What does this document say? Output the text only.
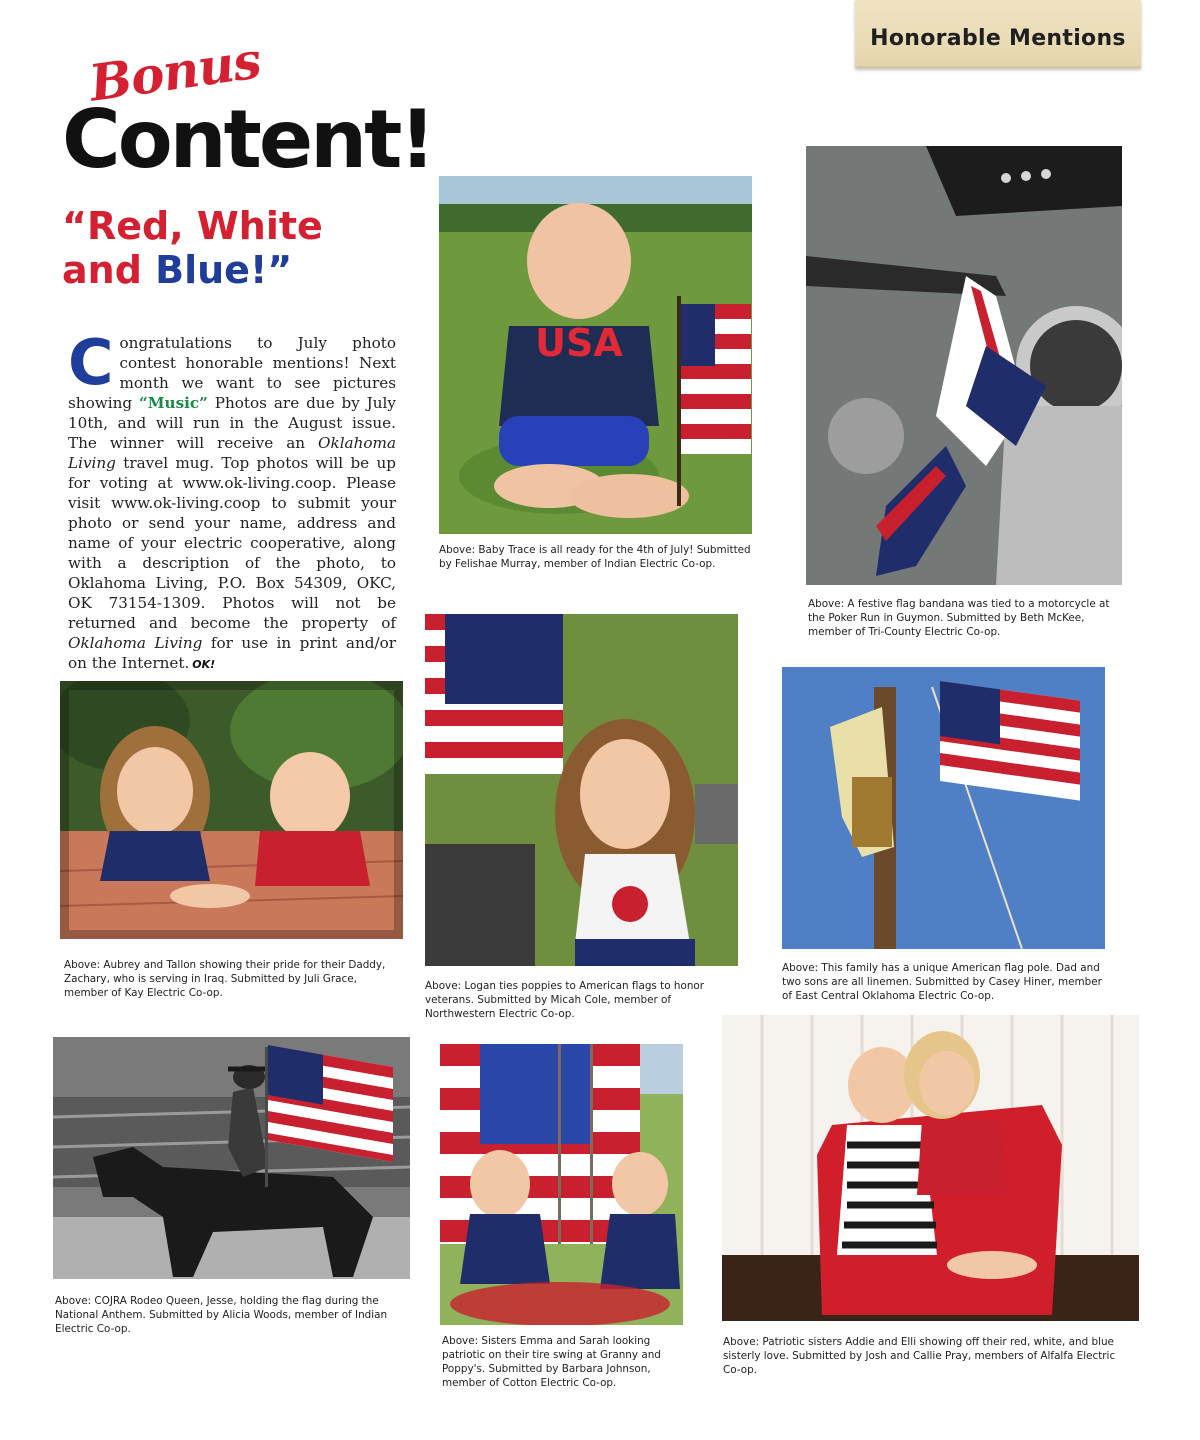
Honorable Mentions
Content!
Bonus
“Red, White
and Blue!”
Congratulations to July photo contest honorable mentions! Next month we want to see pictures showing “Music” Photos are due by July 10th, and will run in the August issue. The winner will receive an Oklahoma Living travel mug. Top photos will be up for voting at www.ok-living.coop. Please visit www.ok-living.coop to submit your photo or send your name, address and name of your electric cooperative, along with a description of the photo, to Oklahoma Living, P.O. Box 54309, OKC, OK 73154-1309. Photos will not be returned and become the property of Oklahoma Living for use in print and/or on the Internet. OK!
USA
Above: Baby Trace is all ready for the 4th of July! Submitted by Felishae Murray, member of Indian Electric Co-op.
Above: A festive flag bandana was tied to a motorcycle at the Poker Run in Guymon. Submitted by Beth McKee, member of Tri-County Electric Co-op.
Above: Aubrey and Tallon showing their pride for their Daddy, Zachary, who is serving in Iraq. Submitted by Juli Grace, member of Kay Electric Co-op.
Above: Logan ties poppies to American flags to honor veterans. Submitted by Micah Cole, member of Northwestern Electric Co-op.
Above: This family has a unique American flag pole. Dad and two sons are all linemen. Submitted by Casey Hiner, member of East Central Oklahoma Electric Co-op.
Above: COJRA Rodeo Queen, Jesse, holding the flag during the National Anthem. Submitted by Alicia Woods, member of Indian Electric Co-op.
Above: Sisters Emma and Sarah looking patriotic on their tire swing at Granny and Poppy's. Submitted by Barbara Johnson, member of Cotton Electric Co-op.
Above: Patriotic sisters Addie and Elli showing off their red, white, and blue sisterly love. Submitted by Josh and Callie Pray, members of Alfalfa Electric Co-op.
